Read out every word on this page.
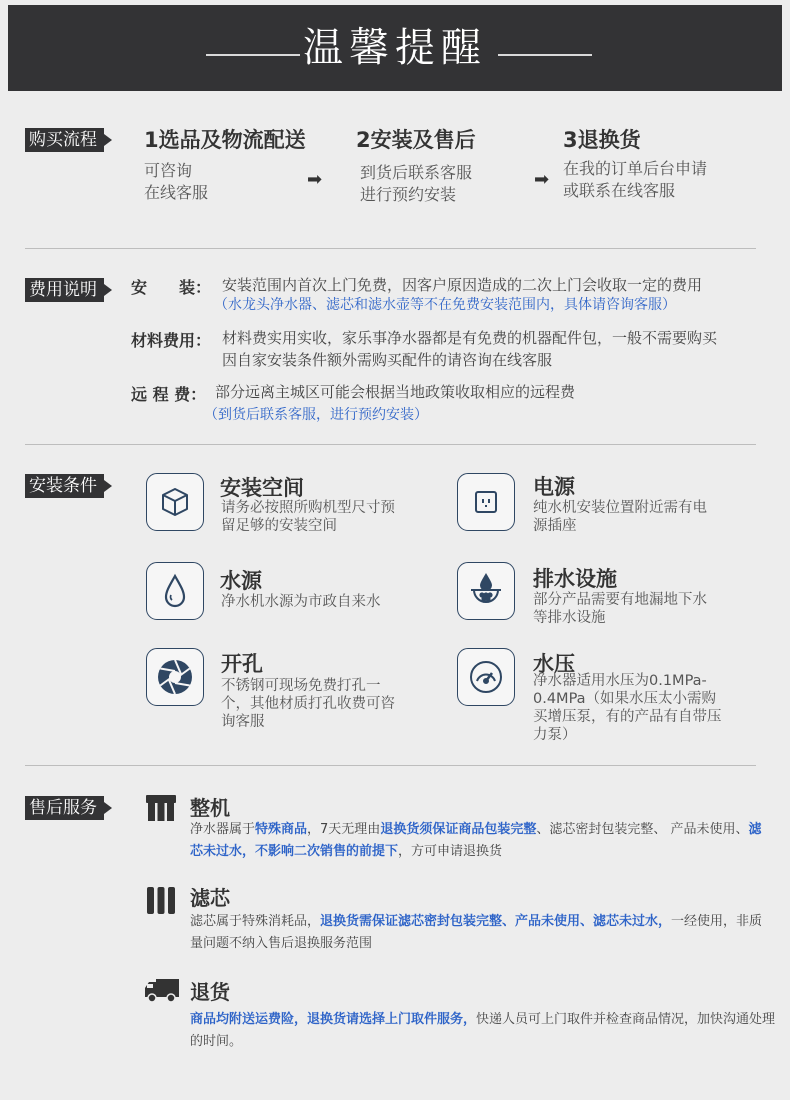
温馨提醒
购买流程	1选品及物流配送
可咨询
在线客服
➡
2安装及售后
到货后联系客服
进行预约安装
➡
3退换货
在我的订单后台申请
或联系在线客服
费用说明	安　　装： 安装范围内首次上门免费，因客户原因造成的二次上门会收取一定的费用
（水龙头净水器、滤芯和滤水壶等不在免费安装范围内，具体请咨询客服）
材料费用： 材料费实用实收，家乐事净水器都是有免费的机器配件包，一般不需要购买
因自家安装条件额外需购买配件的请咨询在线客服
远 程 费： 部分远离主城区可能会根据当地政策收取相应的远程费
（到货后联系客服，进行预约安装）
安装条件	安装空间
请务必按照所购机型尺寸预留足够的安装空间
电源
纯水机安装位置附近需有电源插座
水源
净水机水源为市政自来水
排水设施
部分产品需要有地漏地下水等排水设施
开孔
不锈钢可现场免费打孔一个，其他材质打孔收费可咨询客服
水压
净水器适用水压为0.1MPa-0.4MPa（如果水压太小需购买增压泵，有的产品有自带压力泵）
售后服务	整机
净水器属于特殊商品，7天无理由退换货须保证商品包装完整、滤芯密封包装完整、 产品未使用、滤芯未过水，不影响二次销售的前提下，方可申请退换货
滤芯
滤芯属于特殊消耗品，退换货需保证滤芯密封包装完整、产品未使用、滤芯未过水，一经使用，非质量问题不纳入售后退换服务范围
退货
商品均附送运费险，退换货请选择上门取件服务，快递人员可上门取件并检查商品情况，加快沟通处理的时间。
